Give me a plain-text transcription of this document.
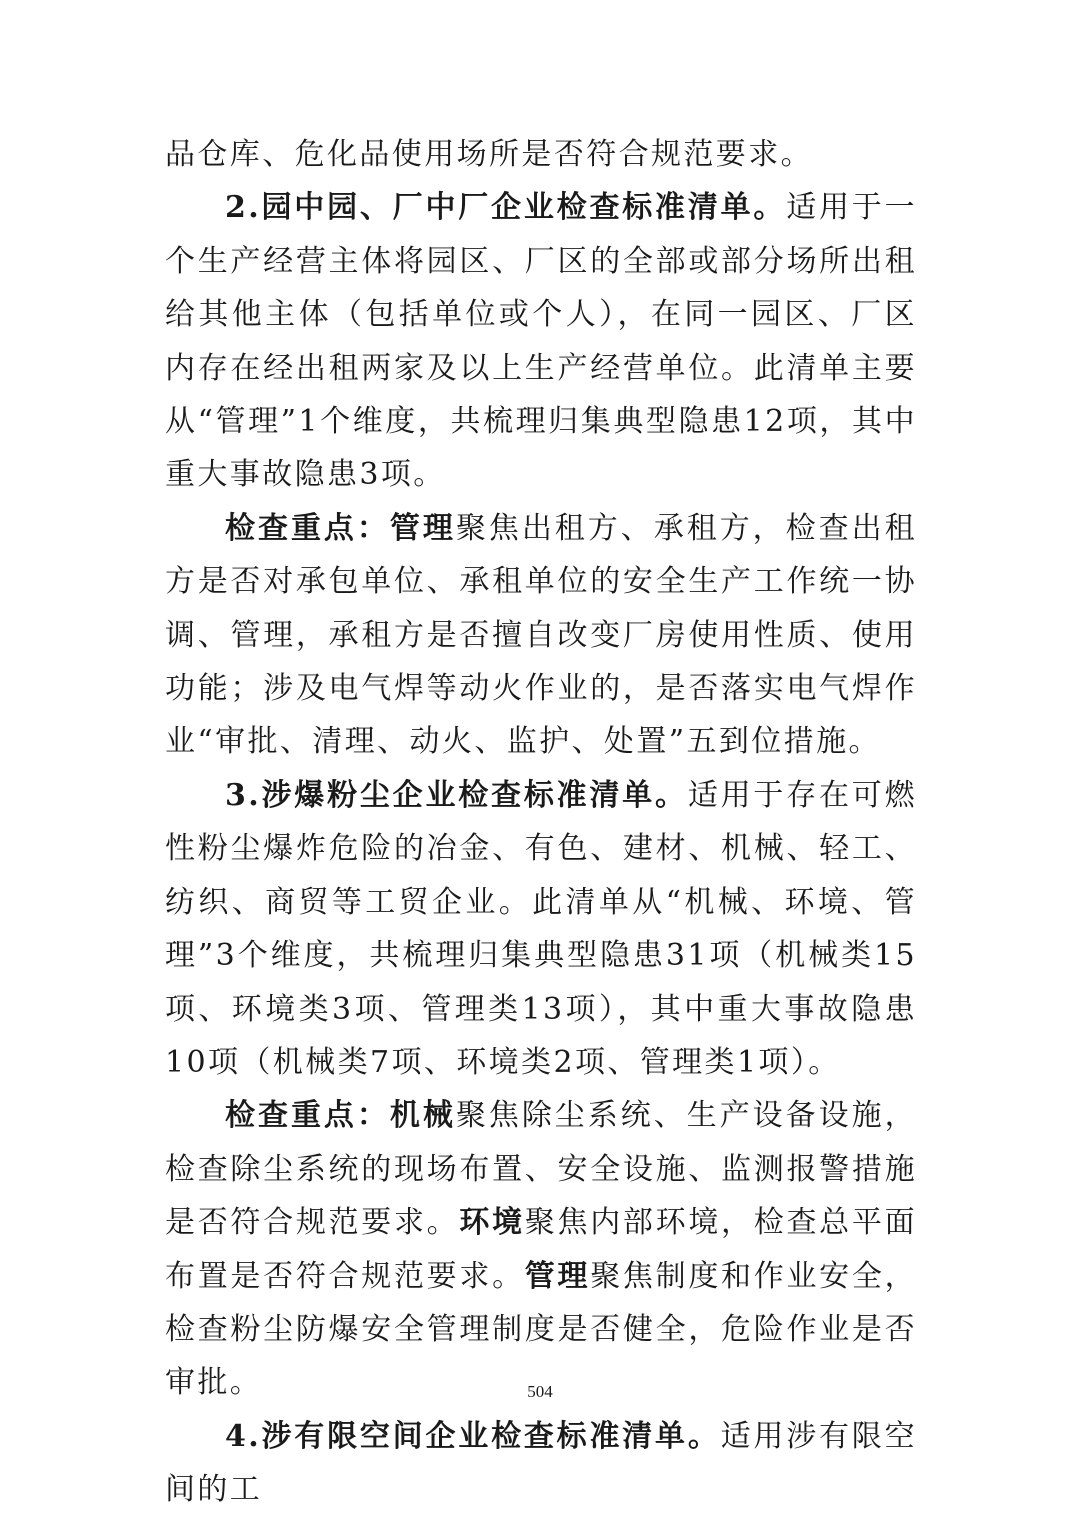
品仓库、危化品使用场所是否符合规范要求。

2.园中园、厂中厂企业检查标准清单。适用于一个生产经营主体将园区、厂区的全部或部分场所出租给其他主体（包括单位或个人），在同一园区、厂区内存在经出租两家及以上生产经营单位。此清单主要从“管理”1个维度，共梳理归集典型隐患12项，其中重大事故隐患3项。

检查重点：管理聚焦出租方、承租方，检查出租方是否对承包单位、承租单位的安全生产工作统一协调、管理，承租方是否擅自改变厂房使用性质、使用功能；涉及电气焊等动火作业的，是否落实电气焊作业“审批、清理、动火、监护、处置”五到位措施。

3.涉爆粉尘企业检查标准清单。适用于存在可燃性粉尘爆炸危险的冶金、有色、建材、机械、轻工、纺织、商贸等工贸企业。此清单从“机械、环境、管理”3个维度，共梳理归集典型隐患31项（机械类15项、环境类3项、管理类13项），其中重大事故隐患10项（机械类7项、环境类2项、管理类1项）。

检查重点：机械聚焦除尘系统、生产设备设施，检查除尘系统的现场布置、安全设施、监测报警措施是否符合规范要求。环境聚焦内部环境，检查总平面布置是否符合规范要求。管理聚焦制度和作业安全，检查粉尘防爆安全管理制度是否健全，危险作业是否审批。

4.涉有限空间企业检查标准清单。适用涉有限空间的工

504
